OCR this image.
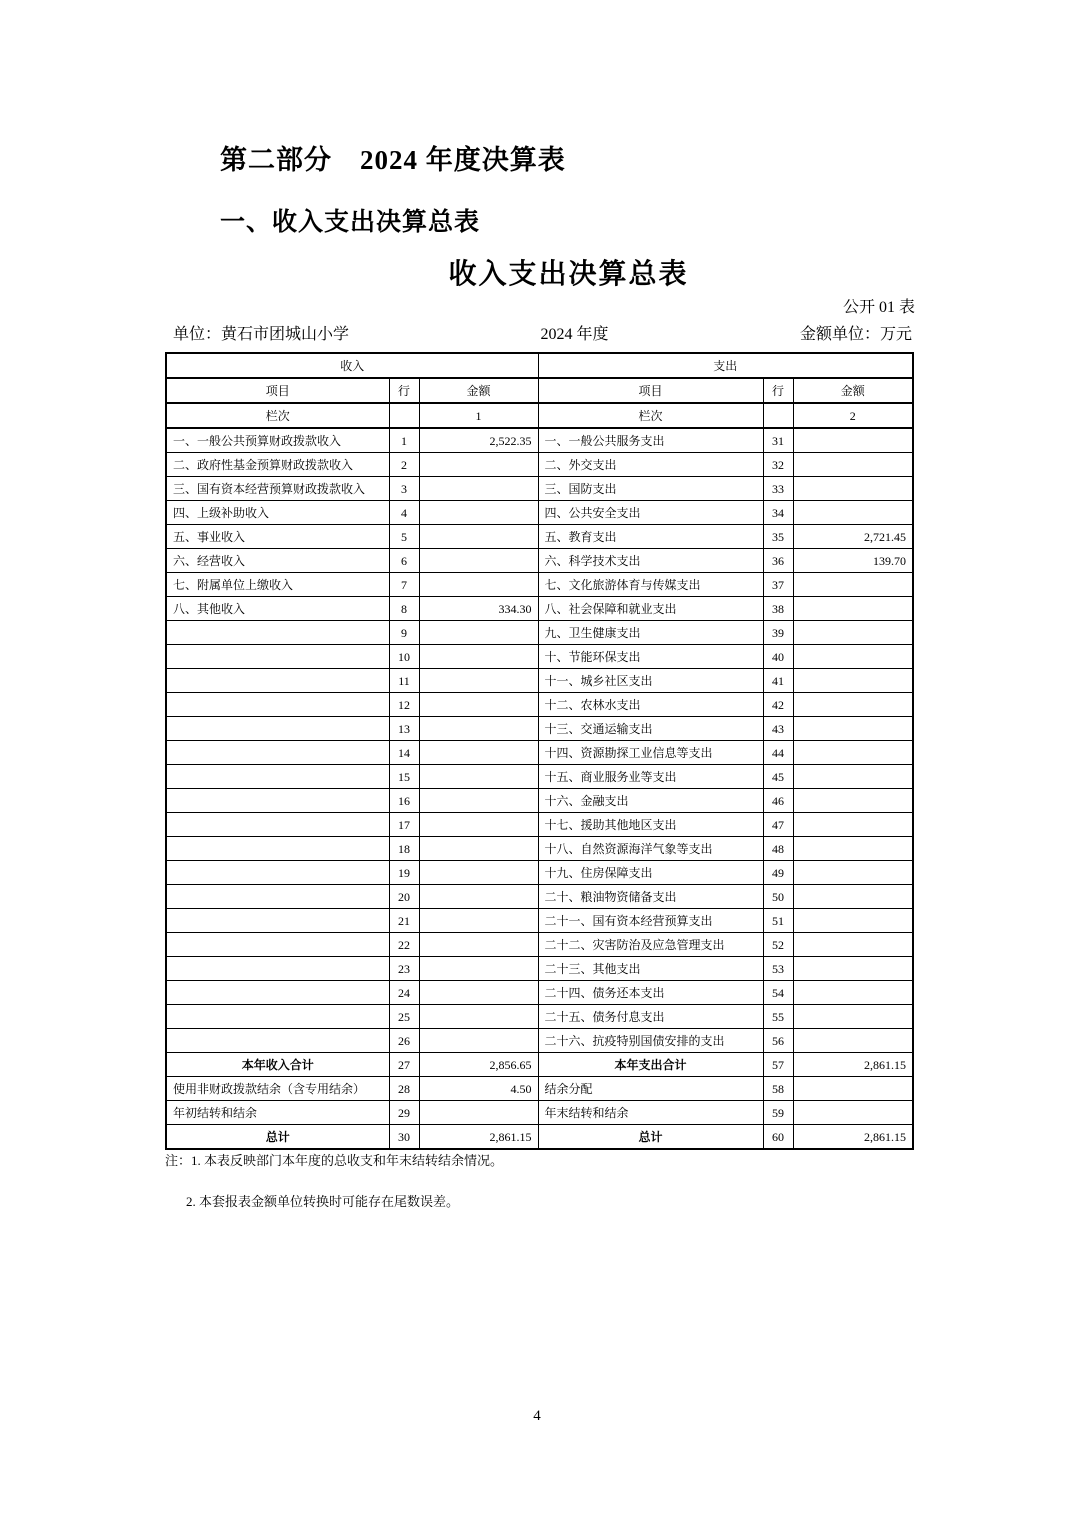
第二部分　2024 年度决算表
一、收入支出决算总表
收入支出决算总表
公开 01 表
单位：黄石市团城山小学	2024 年度	金额单位：万元
收入			支出		
项目	行	金额	项目	行	金额
栏次		1	栏次		2
一、一般公共预算财政拨款收入	1	2,522.35	一、一般公共服务支出	31	
二、政府性基金预算财政拨款收入	2		二、外交支出	32	
三、国有资本经营预算财政拨款收入	3		三、国防支出	33	
四、上级补助收入	4		四、公共安全支出	34	
五、事业收入	5		五、教育支出	35	2,721.45
六、经营收入	6		六、科学技术支出	36	139.70
七、附属单位上缴收入	7		七、文化旅游体育与传媒支出	37	
八、其他收入	8	334.30	八、社会保障和就业支出	38	
	9		九、卫生健康支出	39	
	10		十、节能环保支出	40	
	11		十一、城乡社区支出	41	
	12		十二、农林水支出	42	
	13		十三、交通运输支出	43	
	14		十四、资源勘探工业信息等支出	44	
	15		十五、商业服务业等支出	45	
	16		十六、金融支出	46	
	17		十七、援助其他地区支出	47	
	18		十八、自然资源海洋气象等支出	48	
	19		十九、住房保障支出	49	
	20		二十、粮油物资储备支出	50	
	21		二十一、国有资本经营预算支出	51	
	22		二十二、灾害防治及应急管理支出	52	
	23		二十三、其他支出	53	
	24		二十四、债务还本支出	54	
	25		二十五、债务付息支出	55	
	26		二十六、抗疫特别国债安排的支出	56	
本年收入合计	27	2,856.65	本年支出合计	57	2,861.15
使用非财政拨款结余（含专用结余）	28	4.50	结余分配	58	
年初结转和结余	29		年末结转和结余	59	
总计	30	2,861.15	总计	60	2,861.15
注：1. 本表反映部门本年度的总收支和年末结转结余情况。
2. 本套报表金额单位转换时可能存在尾数误差。
4
